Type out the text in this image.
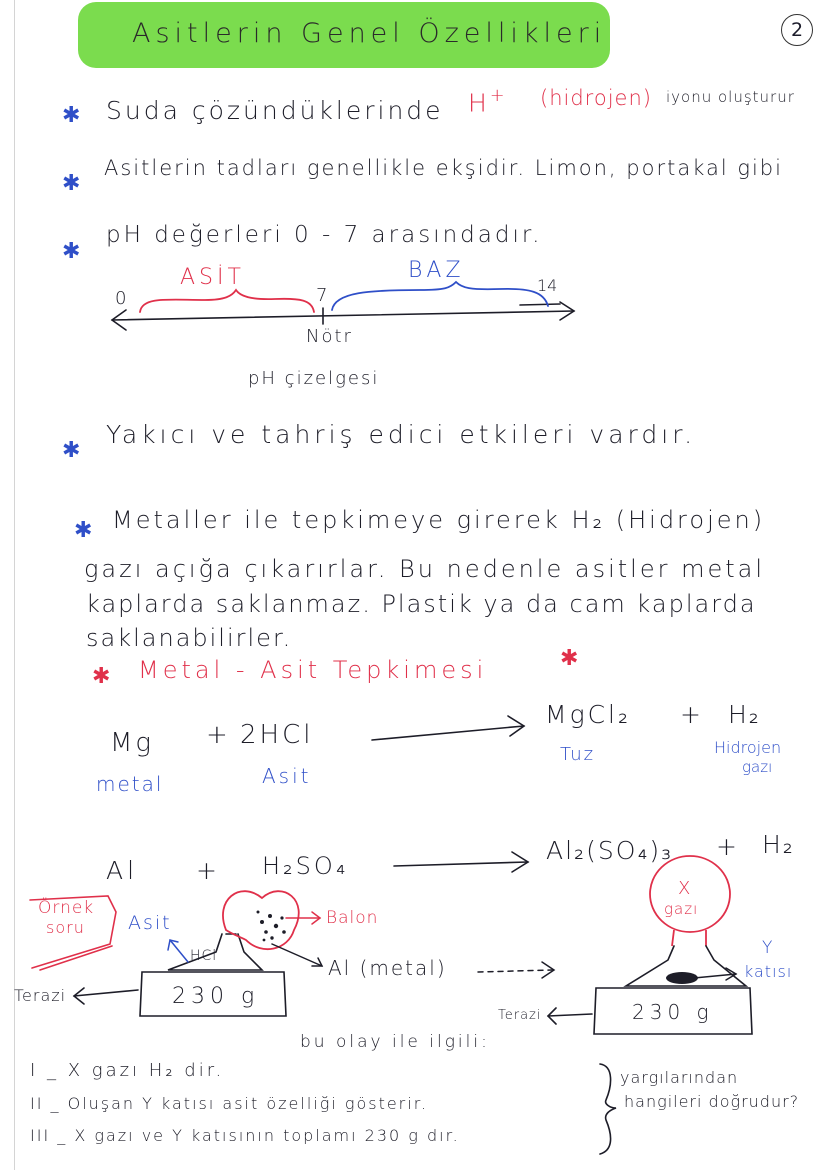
Asitlerin Genel Özellikleri	2
✱ Suda çözündüklerinde H+ (hidrojen) iyonu oluşturur
✱
Asitlerin tadları genellikle ekşidir. Limon, portakal gibi
✱
pH değerleri 0 - 7 arasındadır.
ASİT	BAZ
0	7	14
Nötr
pH çizelgesi
✱
Yakıcı ve tahriş edici etkileri vardır.
✱ Metaller ile tepkimeye girerek H₂ (Hidrojen)
gazı açığa çıkarırlar. Bu nedenle asitler metal
kaplarda saklanmaz. Plastik ya da cam kaplarda
saklanabilirler.
✱ Metal - Asit Tepkimesi	✱
Mg + 2HCl
MgCl₂ + H₂
metal	Asit
Tuz	Hidrojen
gazı
Al + H₂SO₄
Al₂(SO₄)₃ + H₂
Örnek
soru Asit
HCl
Balon
Al (metal)
Terazi	230 g
Terazi	230 g
X
gazı
Y
katısı
bu olay ile ilgili:
I _ X gazı H₂ dir.
II _ Oluşan Y katısı asit özelliği gösterir.
III _ X gazı ve Y katısının toplamı 230 g dır.
yargılarından
hangileri doğrudur?
